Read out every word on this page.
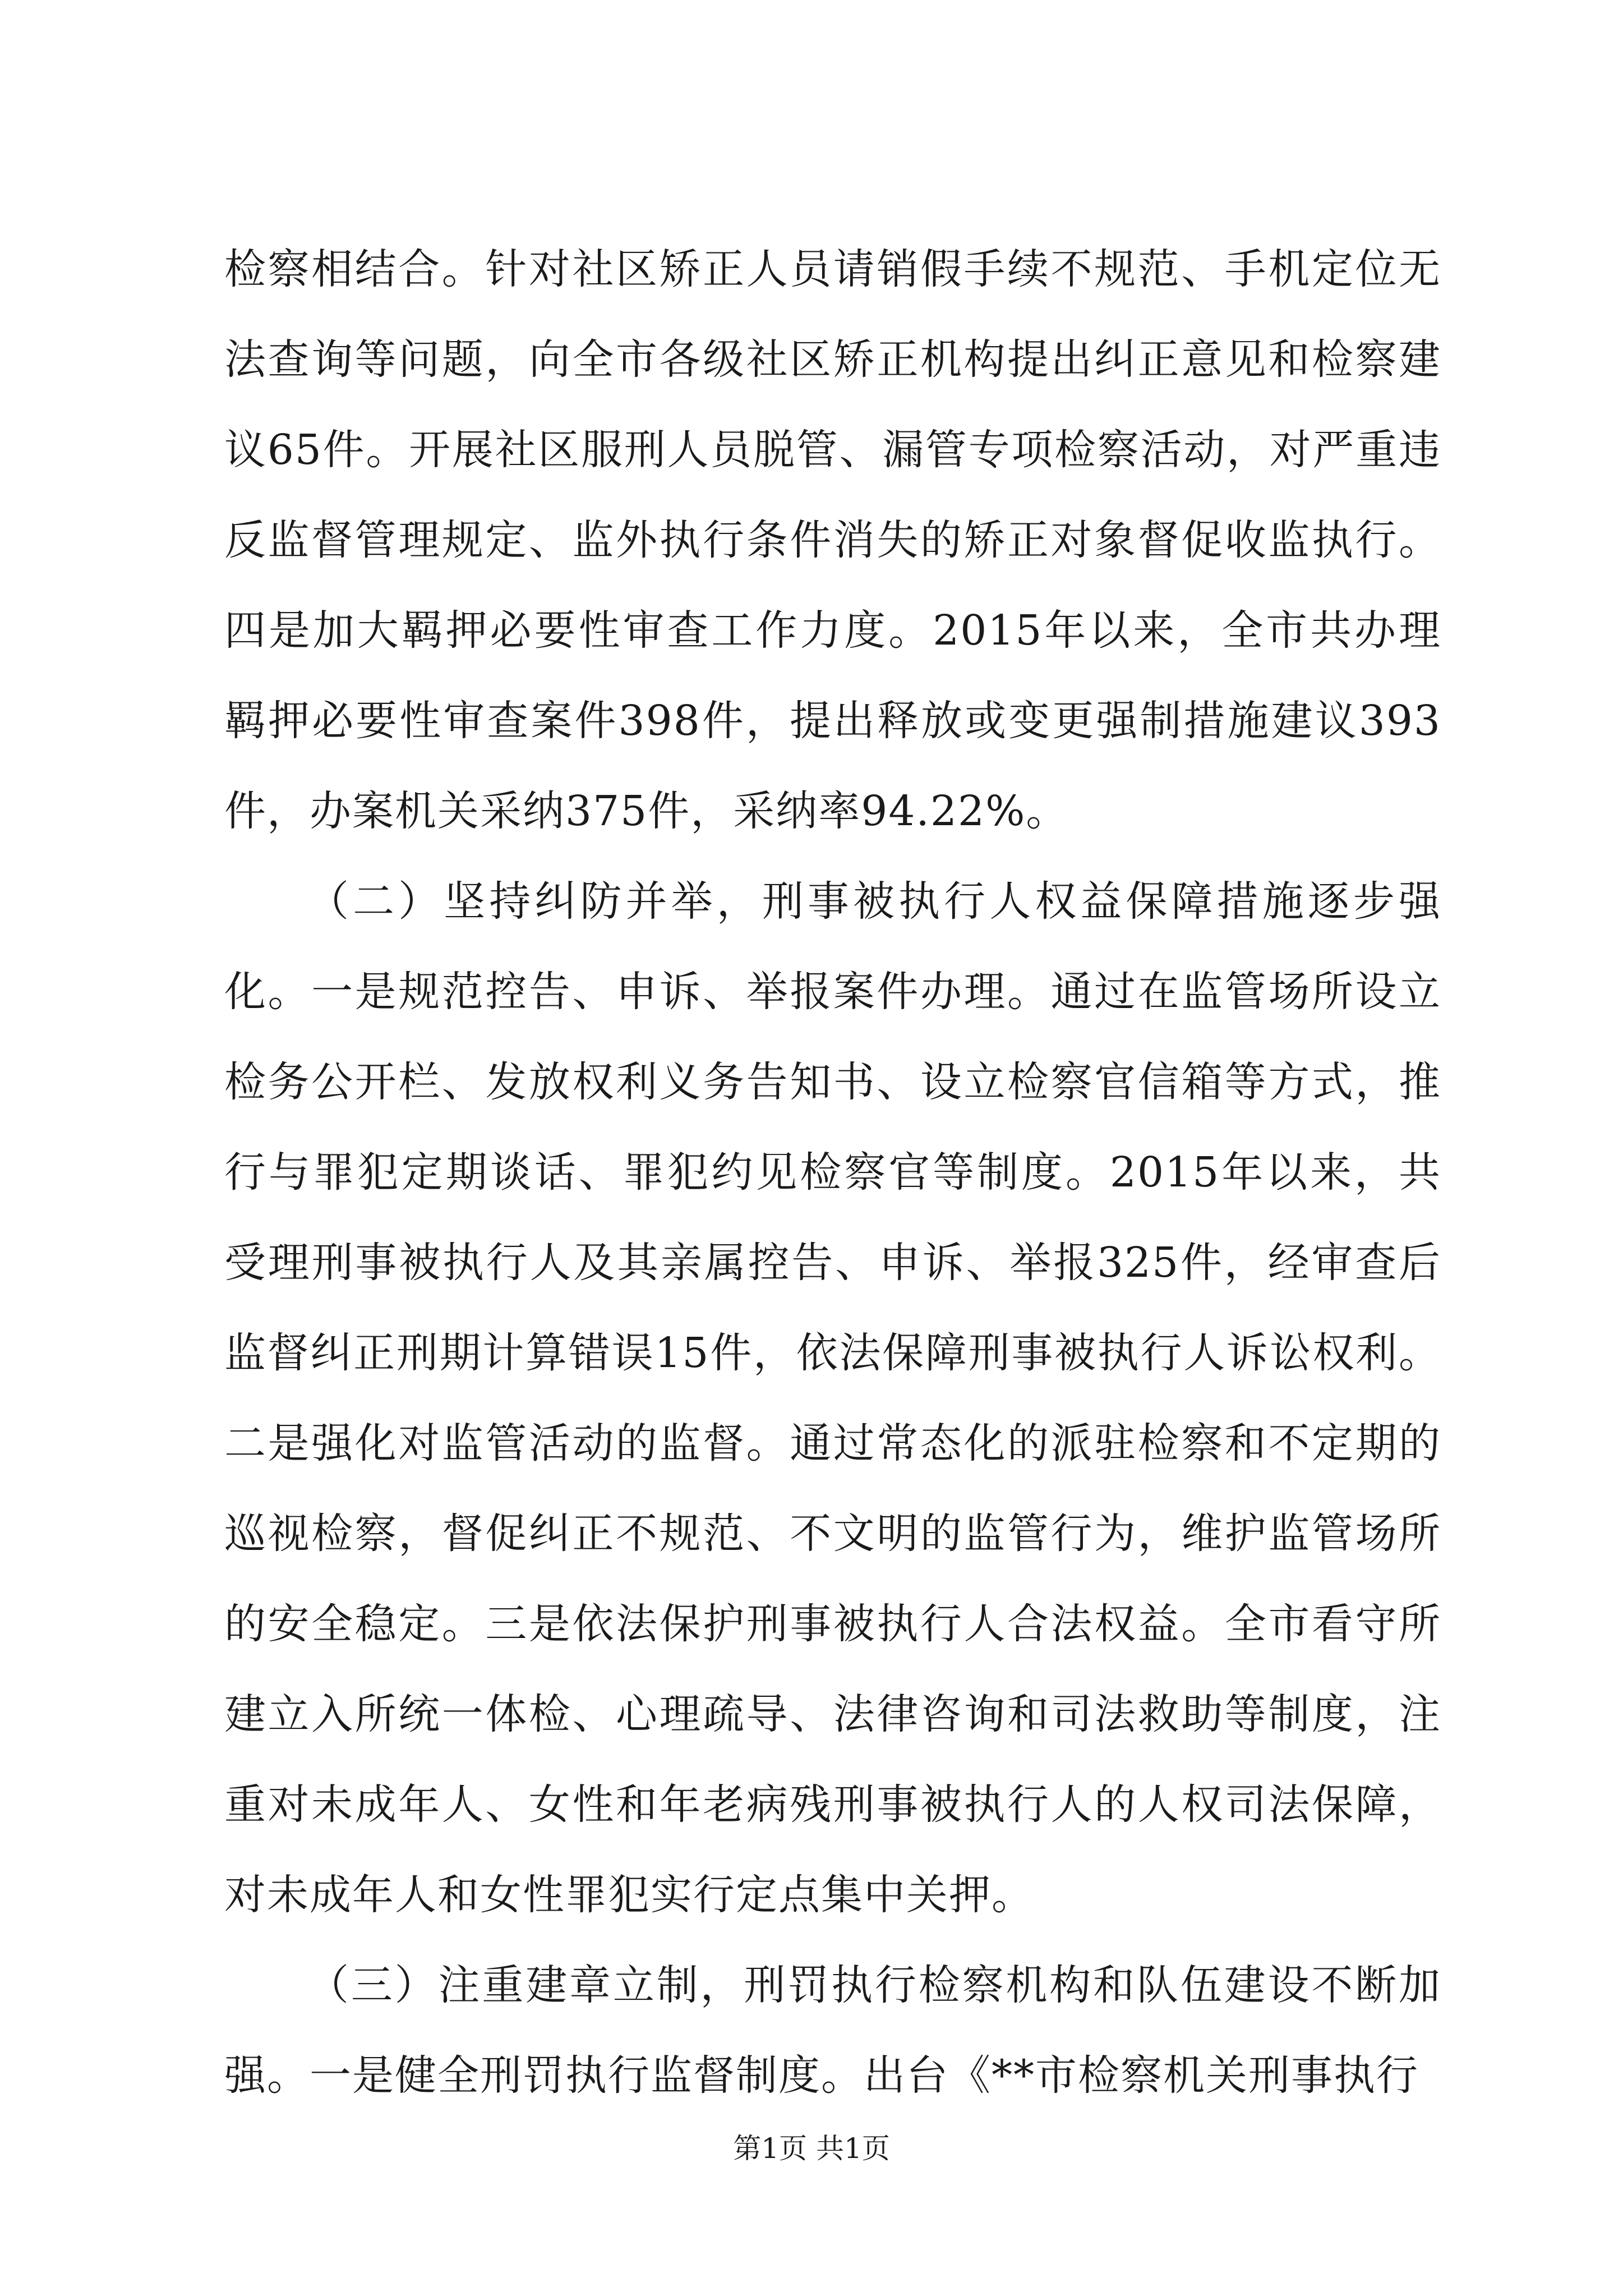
检察相结合。针对社区矫正人员请销假手续不规范、手机定位无法查询等问题，向全市各级社区矫正机构提出纠正意见和检察建议65件。开展社区服刑人员脱管、漏管专项检察活动，对严重违反监督管理规定、监外执行条件消失的矫正对象督促收监执行。四是加大羁押必要性审查工作力度。2015年以来，全市共办理羁押必要性审查案件398件，提出释放或变更强制措施建议393件，办案机关采纳375件，采纳率94.22%。

（二）坚持纠防并举，刑事被执行人权益保障措施逐步强化。一是规范控告、申诉、举报案件办理。通过在监管场所设立检务公开栏、发放权利义务告知书、设立检察官信箱等方式，推行与罪犯定期谈话、罪犯约见检察官等制度。2015年以来，共受理刑事被执行人及其亲属控告、申诉、举报325件，经审查后监督纠正刑期计算错误15件，依法保障刑事被执行人诉讼权利。二是强化对监管活动的监督。通过常态化的派驻检察和不定期的巡视检察，督促纠正不规范、不文明的监管行为，维护监管场所的安全稳定。三是依法保护刑事被执行人合法权益。全市看守所建立入所统一体检、心理疏导、法律咨询和司法救助等制度，注重对未成年人、女性和年老病残刑事被执行人的人权司法保障，对未成年人和女性罪犯实行定点集中关押。

（三）注重建章立制，刑罚执行检察机构和队伍建设不断加强。一是健全刑罚执行监督制度。出台《**市检察机关刑事执行

第1页 共1页
